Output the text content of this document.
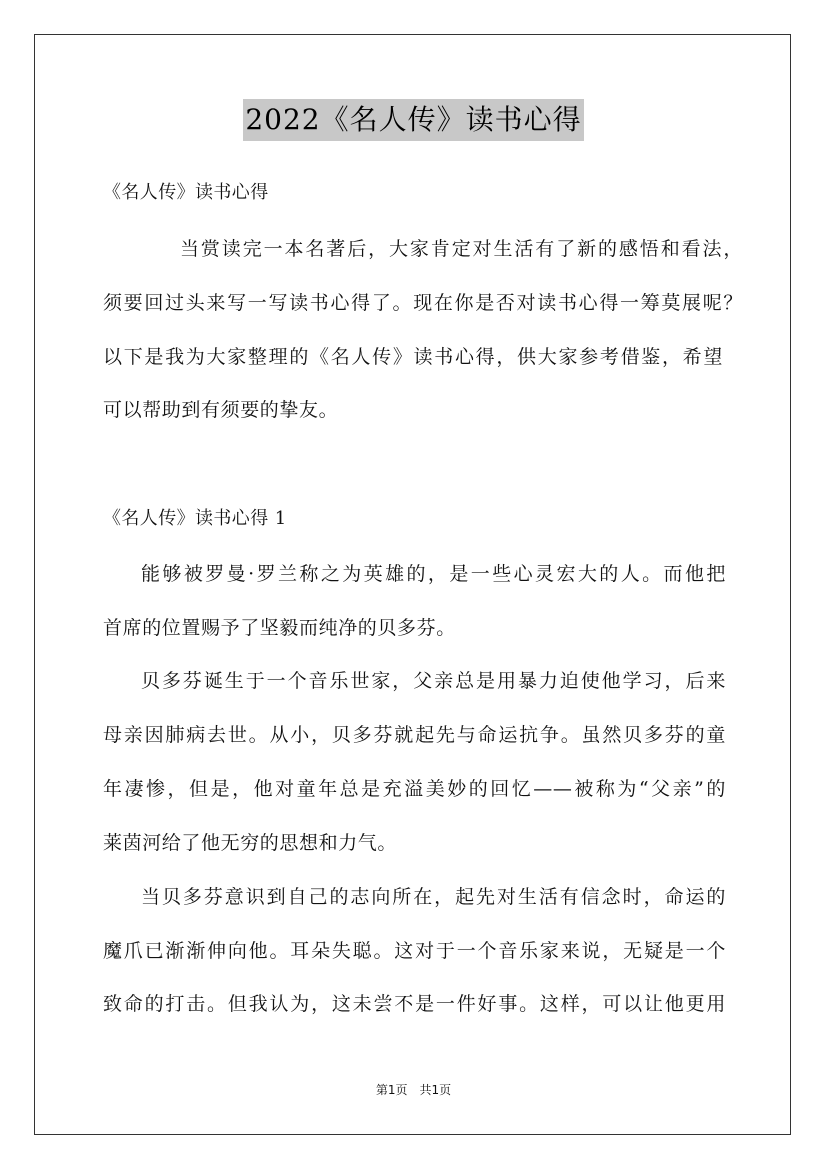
2022《名人传》读书心得
《名人传》读书心得
当赏读完一本名著后，大家肯定对生活有了新的感悟和看法，
须要回过头来写一写读书心得了。现在你是否对读书心得一筹莫展呢？
以下是我为大家整理的《名人传》读书心得，供大家参考借鉴，希望
可以帮助到有须要的挚友。
《名人传》读书心得 1
能够被罗曼·罗兰称之为英雄的，是一些心灵宏大的人。而他把
首席的位置赐予了坚毅而纯净的贝多芬。
贝多芬诞生于一个音乐世家，父亲总是用暴力迫使他学习，后来
母亲因肺病去世。从小，贝多芬就起先与命运抗争。虽然贝多芬的童
年凄惨，但是，他对童年总是充溢美妙的回忆——被称为“父亲”的
莱茵河给了他无穷的思想和力气。
当贝多芬意识到自己的志向所在，起先对生活有信念时，命运的
魔爪已渐渐伸向他。耳朵失聪。这对于一个音乐家来说，无疑是一个
致命的打击。但我认为，这未尝不是一件好事。这样，可以让他更用
第1页　共1页
